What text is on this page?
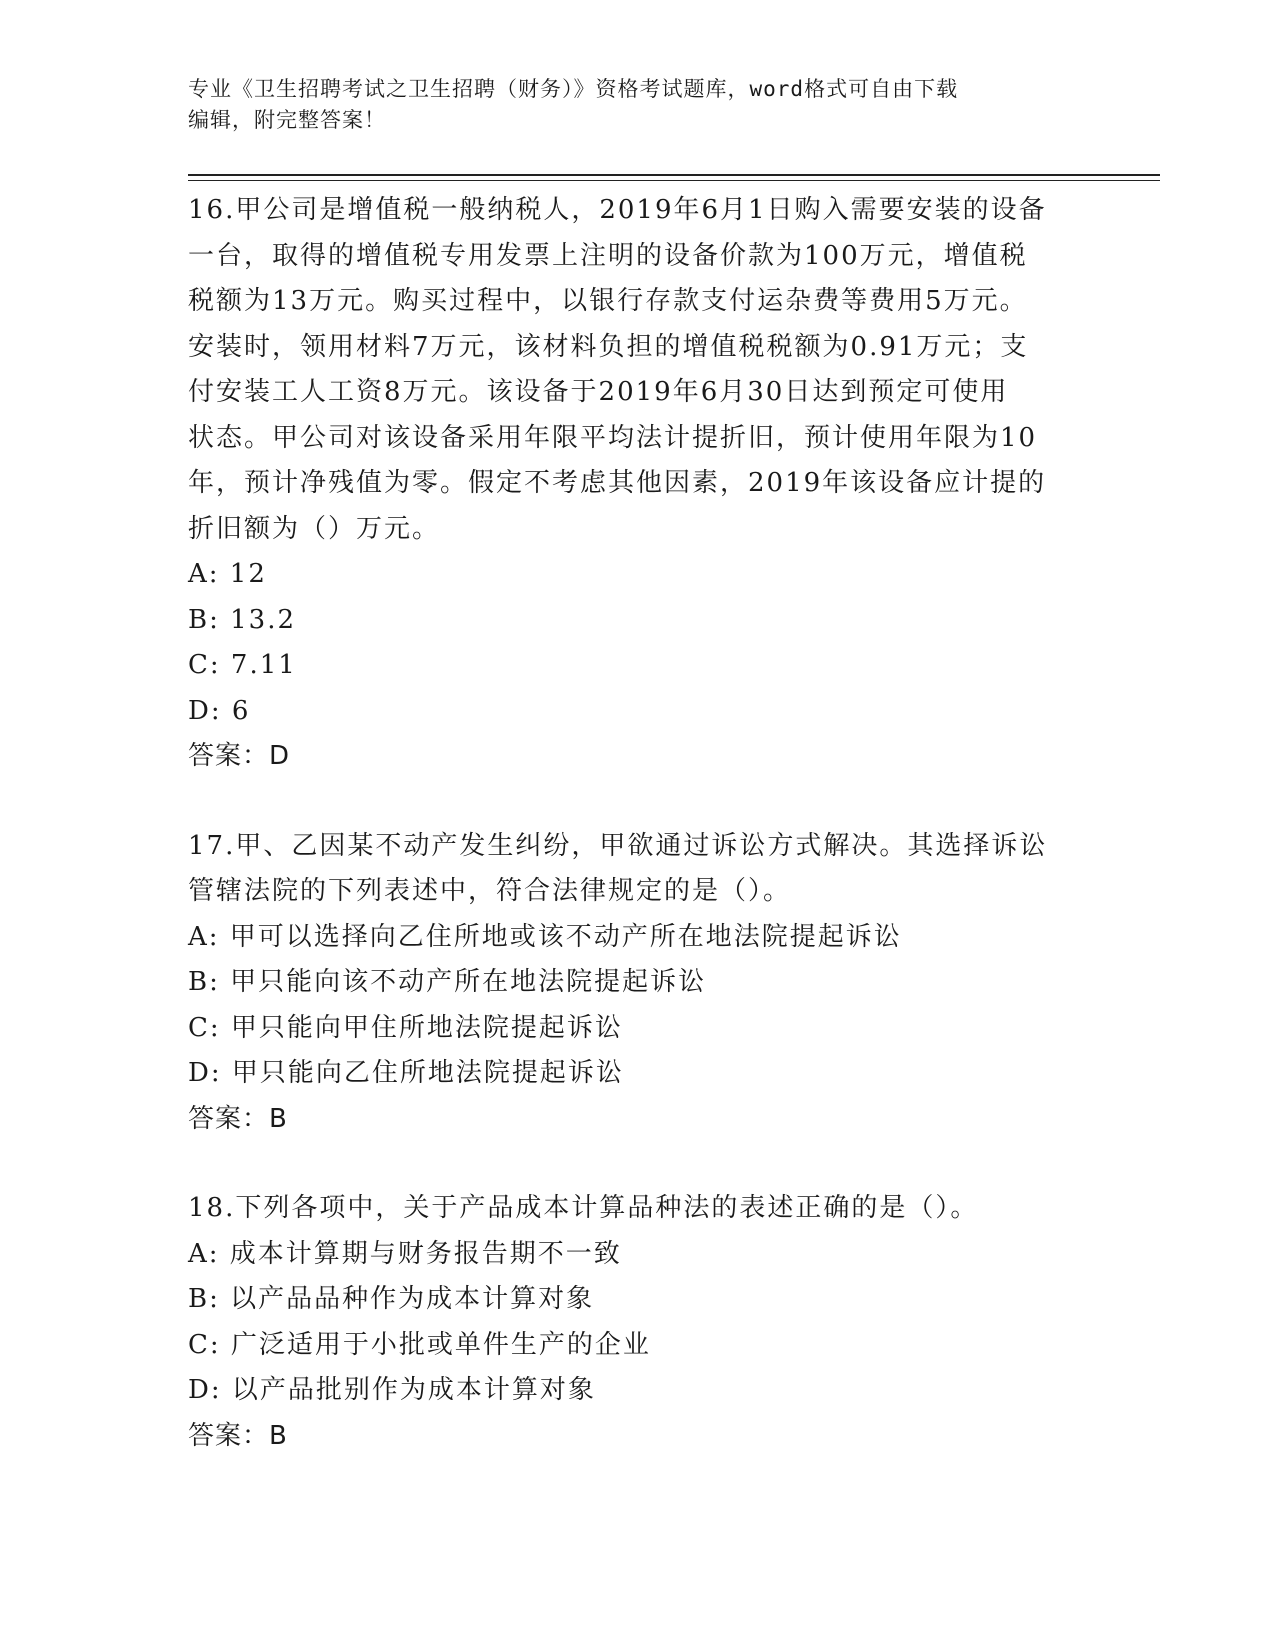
专业《卫生招聘考试之卫生招聘（财务）》资格考试题库，word格式可自由下载
编辑，附完整答案！
16.甲公司是增值税一般纳税人，2019年6月1日购入需要安装的设备
一台，取得的增值税专用发票上注明的设备价款为100万元，增值税
税额为13万元。购买过程中，以银行存款支付运杂费等费用5万元。
安装时，领用材料7万元，该材料负担的增值税税额为0.91万元；支
付安装工人工资8万元。该设备于2019年6月30日达到预定可使用
状态。甲公司对该设备采用年限平均法计提折旧，预计使用年限为10
年，预计净残值为零。假定不考虑其他因素，2019年该设备应计提的
折旧额为（）万元。
A: 12
B: 13.2
C: 7.11
D: 6
答案：D
17.甲、乙因某不动产发生纠纷，甲欲通过诉讼方式解决。其选择诉讼
管辖法院的下列表述中，符合法律规定的是（）。
A: 甲可以选择向乙住所地或该不动产所在地法院提起诉讼
B: 甲只能向该不动产所在地法院提起诉讼
C: 甲只能向甲住所地法院提起诉讼
D: 甲只能向乙住所地法院提起诉讼
答案：B
18.下列各项中，关于产品成本计算品种法的表述正确的是（）。
A: 成本计算期与财务报告期不一致
B: 以产品品种作为成本计算对象
C: 广泛适用于小批或单件生产的企业
D: 以产品批别作为成本计算对象
答案：B
